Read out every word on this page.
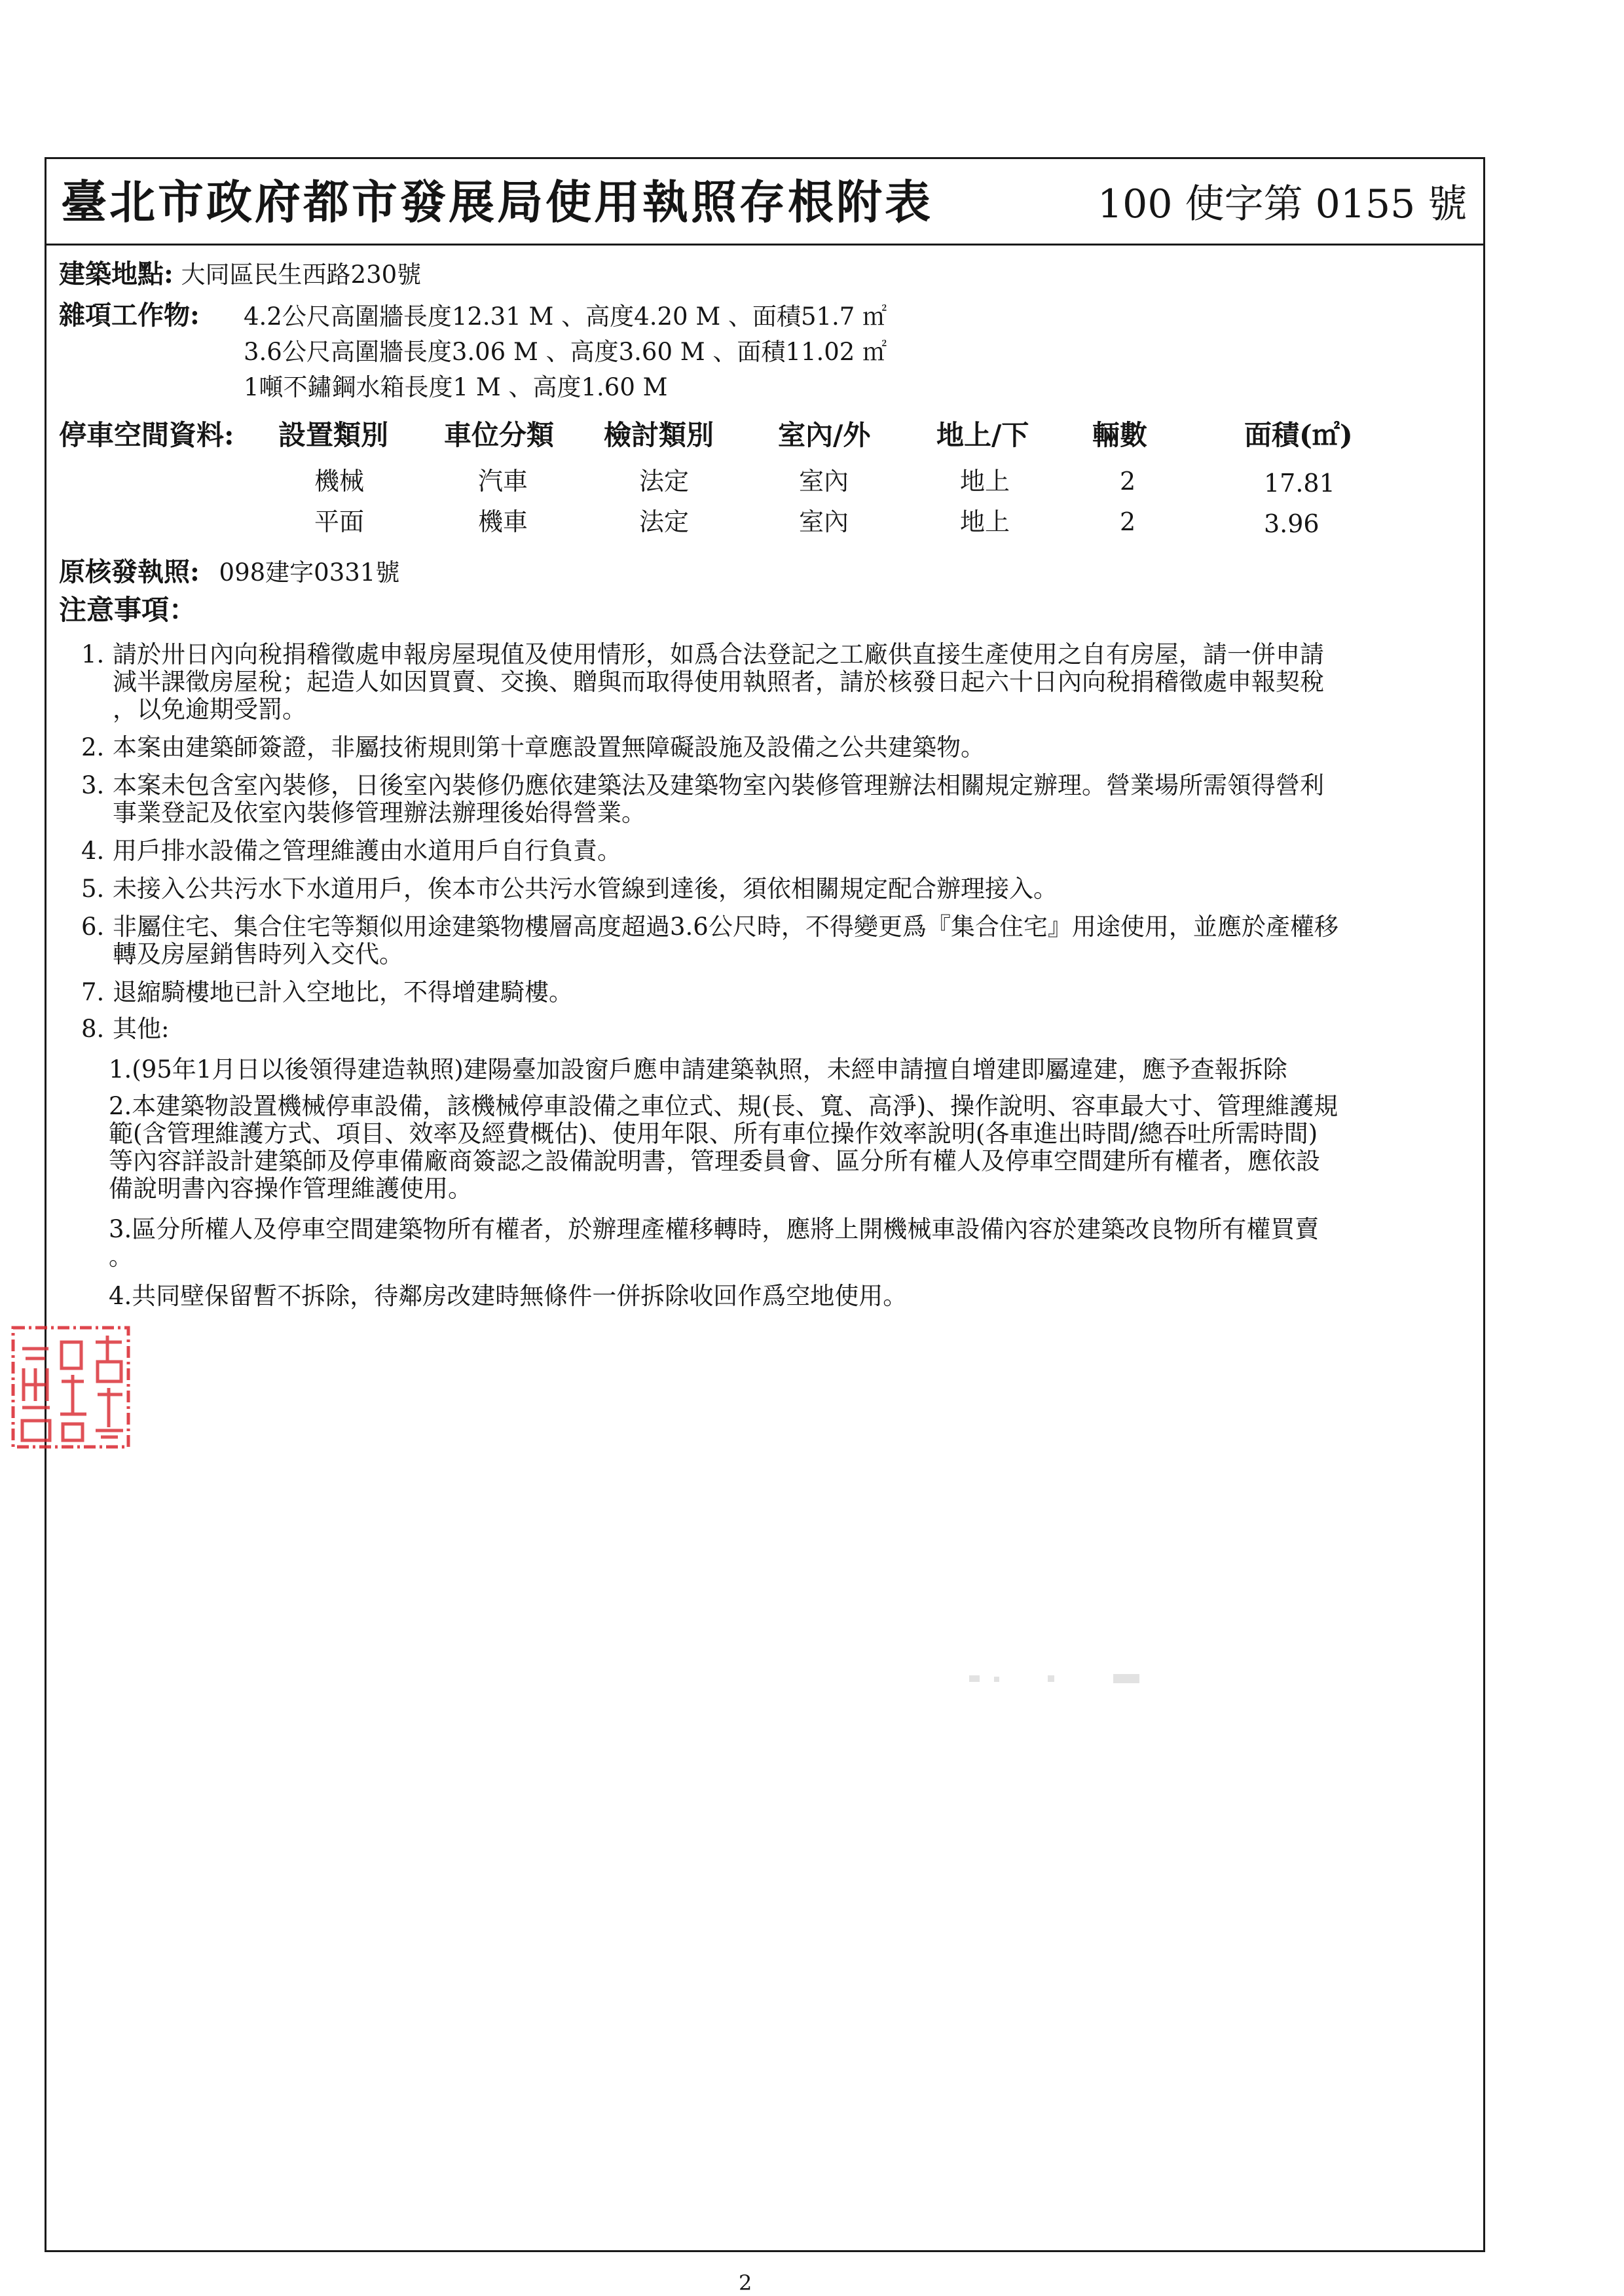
臺北市政府都市發展局使用執照存根附表	100 使字第 0155 號
建築地點: 大同區民生西路230號
雜項工作物: 4.2公尺高圍牆長度12.31 M 、高度4.20 M 、面積51.7 ㎡
3.6公尺高圍牆長度3.06 M 、高度3.60 M 、面積11.02 ㎡
1噸不鏽鋼水箱長度1 M 、高度1.60 M
停車空間資料: 設置類別 車位分類 檢討類別 室內/外 地上/下 輛數	面積(㎡)
機械	汽車	法定	室內	地上	2	17.81
平面	機車	法定	室內	地上	2	3.96
原核發執照: 098建字0331號
注意事項：
1. 請於卅日內向稅捐稽徵處申報房屋現值及使用情形，如爲合法登記之工廠供直接生產使用之自有房屋，請一併申請
減半課徵房屋稅；起造人如因買賣、交換、贈與而取得使用執照者，請於核發日起六十日內向稅捐稽徵處申報契稅
，以免逾期受罰。
2. 本案由建築師簽證，非屬技術規則第十章應設置無障礙設施及設備之公共建築物。
3. 本案未包含室內裝修，日後室內裝修仍應依建築法及建築物室內裝修管理辦法相關規定辦理。營業場所需領得營利
事業登記及依室內裝修管理辦法辦理後始得營業。
4. 用戶排水設備之管理維護由水道用戶自行負責。
5. 未接入公共污水下水道用戶，俟本市公共污水管線到達後，須依相關規定配合辦理接入。
6. 非屬住宅、集合住宅等類似用途建築物樓層高度超過3.6公尺時，不得變更爲『集合住宅』用途使用，並應於產權移
轉及房屋銷售時列入交代。
7. 退縮騎樓地已計入空地比，不得增建騎樓。
8. 其他:
1.(95年1月日以後領得建造執照)建陽臺加設窗戶應申請建築執照，未經申請擅自增建即屬違建，應予查報拆除
2.本建築物設置機械停車設備，該機械停車設備之車位式、規(長、寬、高淨)、操作說明、容車最大寸、管理維護規
範(含管理維護方式、項目、效率及經費概估)、使用年限、所有車位操作效率說明(各車進出時間/總吞吐所需時間)
等內容詳設計建築師及停車備廠商簽認之設備說明書，管理委員會、區分所有權人及停車空間建所有權者，應依設
備說明書內容操作管理維護使用。
3.區分所權人及停車空間建築物所有權者，於辦理產權移轉時，應將上開機械車設備內容於建築改良物所有權買賣
。
4.共同壁保留暫不拆除，待鄰房改建時無條件一併拆除收回作爲空地使用。
2
